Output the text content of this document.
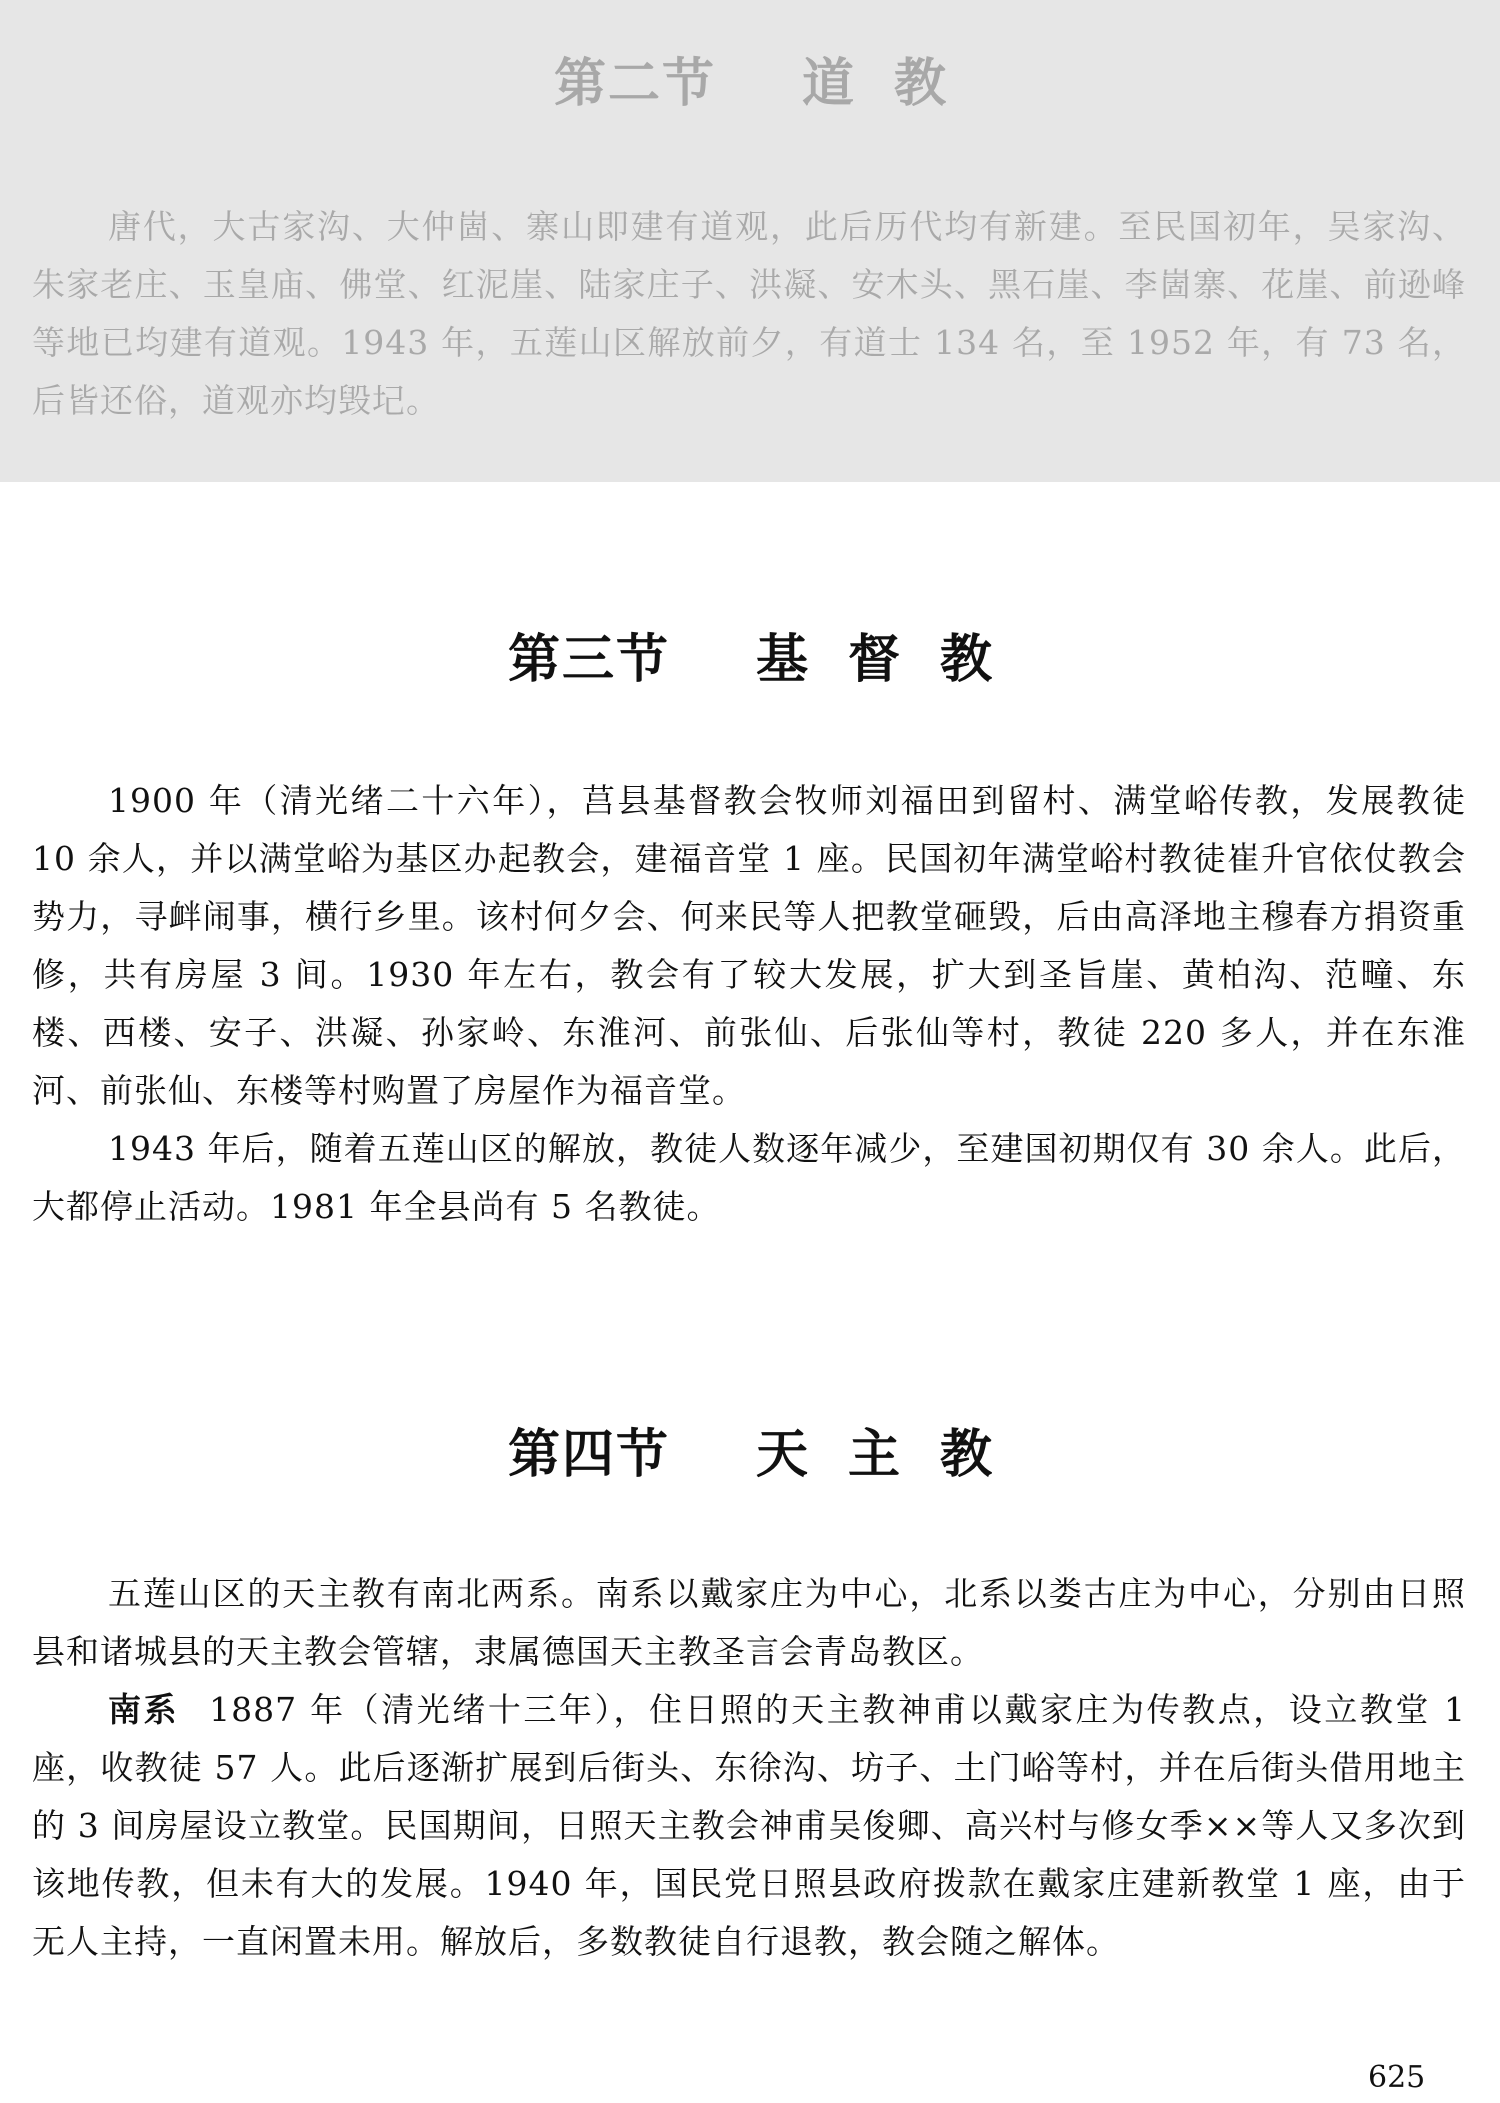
第二节 道教

唐代，大古家沟、大仲崮、寨山即建有道观，此后历代均有新建。至民国初年，吴家沟、朱家老庄、玉皇庙、佛堂、红泥崖、陆家庄子、洪凝、安木头、黑石崖、李崮寨、花崖、前逊峰等地已均建有道观。1943 年，五莲山区解放前夕，有道士 134 名，至 1952 年，有 73 名，后皆还俗，道观亦均毁圮。

第三节 基督教

1900 年（清光绪二十六年），莒县基督教会牧师刘福田到留村、满堂峪传教，发展教徒 10 余人，并以满堂峪为基区办起教会，建福音堂 1 座。民国初年满堂峪村教徒崔升官依仗教会势力，寻衅闹事，横行乡里。该村何夕会、何来民等人把教堂砸毁，后由高泽地主穆春方捐资重修，共有房屋 3 间。1930 年左右，教会有了较大发展，扩大到圣旨崖、黄柏沟、范疃、东楼、西楼、安子、洪凝、孙家岭、东淮河、前张仙、后张仙等村，教徒 220 多人，并在东淮河、前张仙、东楼等村购置了房屋作为福音堂。

1943 年后，随着五莲山区的解放，教徒人数逐年减少，至建国初期仅有 30 余人。此后，大都停止活动。1981 年全县尚有 5 名教徒。

第四节 天主教

五莲山区的天主教有南北两系。南系以戴家庄为中心，北系以娄古庄为中心，分别由日照县和诸城县的天主教会管辖，隶属德国天主教圣言会青岛教区。

南系 1887 年（清光绪十三年），住日照的天主教神甫以戴家庄为传教点，设立教堂 1 座，收教徒 57 人。此后逐渐扩展到后街头、东徐沟、坊子、土门峪等村，并在后街头借用地主的 3 间房屋设立教堂。民国期间，日照天主教会神甫吴俊卿、高兴村与修女季××等人又多次到该地传教，但未有大的发展。1940 年，国民党日照县政府拨款在戴家庄建新教堂 1 座，由于无人主持，一直闲置未用。解放后，多数教徒自行退教，教会随之解体。

625
